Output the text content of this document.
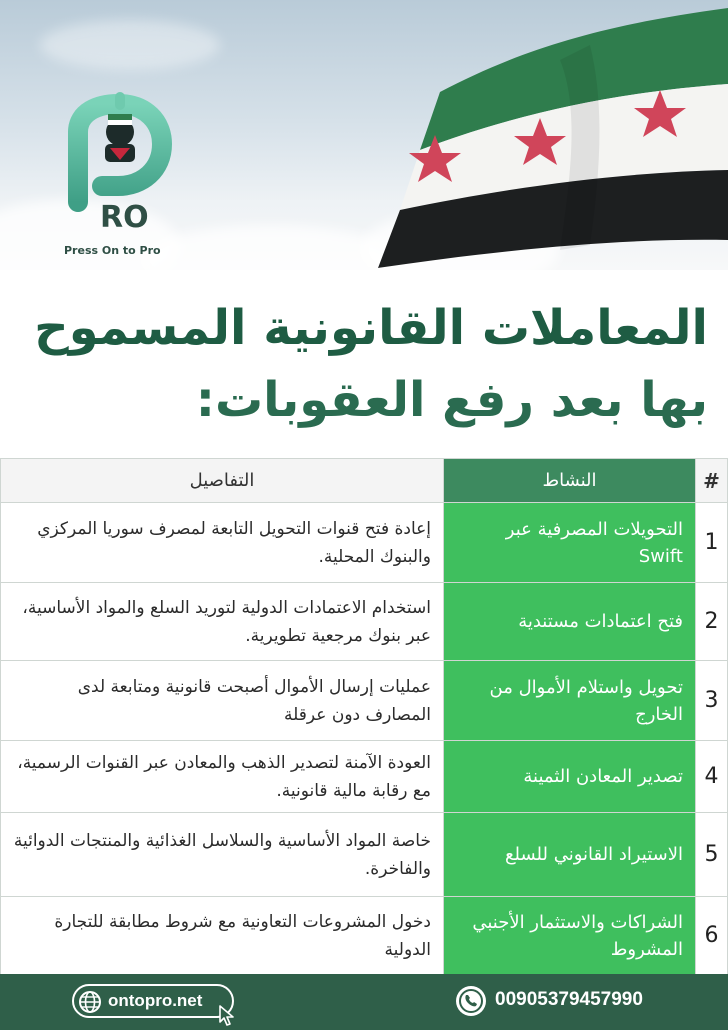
RO
Press On to Pro
المعاملات القانونية المسموح
بها بعد رفع العقوبات:
#	النشاط	التفاصيل
1	التحويلات المصرفية عبر Swift	إعادة فتح قنوات التحويل التابعة لمصرف سوريا المركزي والبنوك المحلية.
2	فتح اعتمادات مستندية	استخدام الاعتمادات الدولية لتوريد السلع والمواد الأساسية، عبر بنوك مرجعية تطويرية.
3	تحويل واستلام الأموال من الخارج	عمليات إرسال الأموال أصبحت قانونية ومتابعة لدى المصارف دون عرقلة
4	تصدير المعادن الثمينة	العودة الآمنة لتصدير الذهب والمعادن عبر القنوات الرسمية، مع رقابة مالية قانونية.
5	الاستيراد القانوني للسلع	خاصة المواد الأساسية والسلاسل الغذائية والمنتجات الدوائية والفاخرة.
6	الشراكات والاستثمار الأجنبي المشروط	دخول المشروعات التعاونية مع شروط مطابقة للتجارة الدولية
ontopro.net	00905379457990
